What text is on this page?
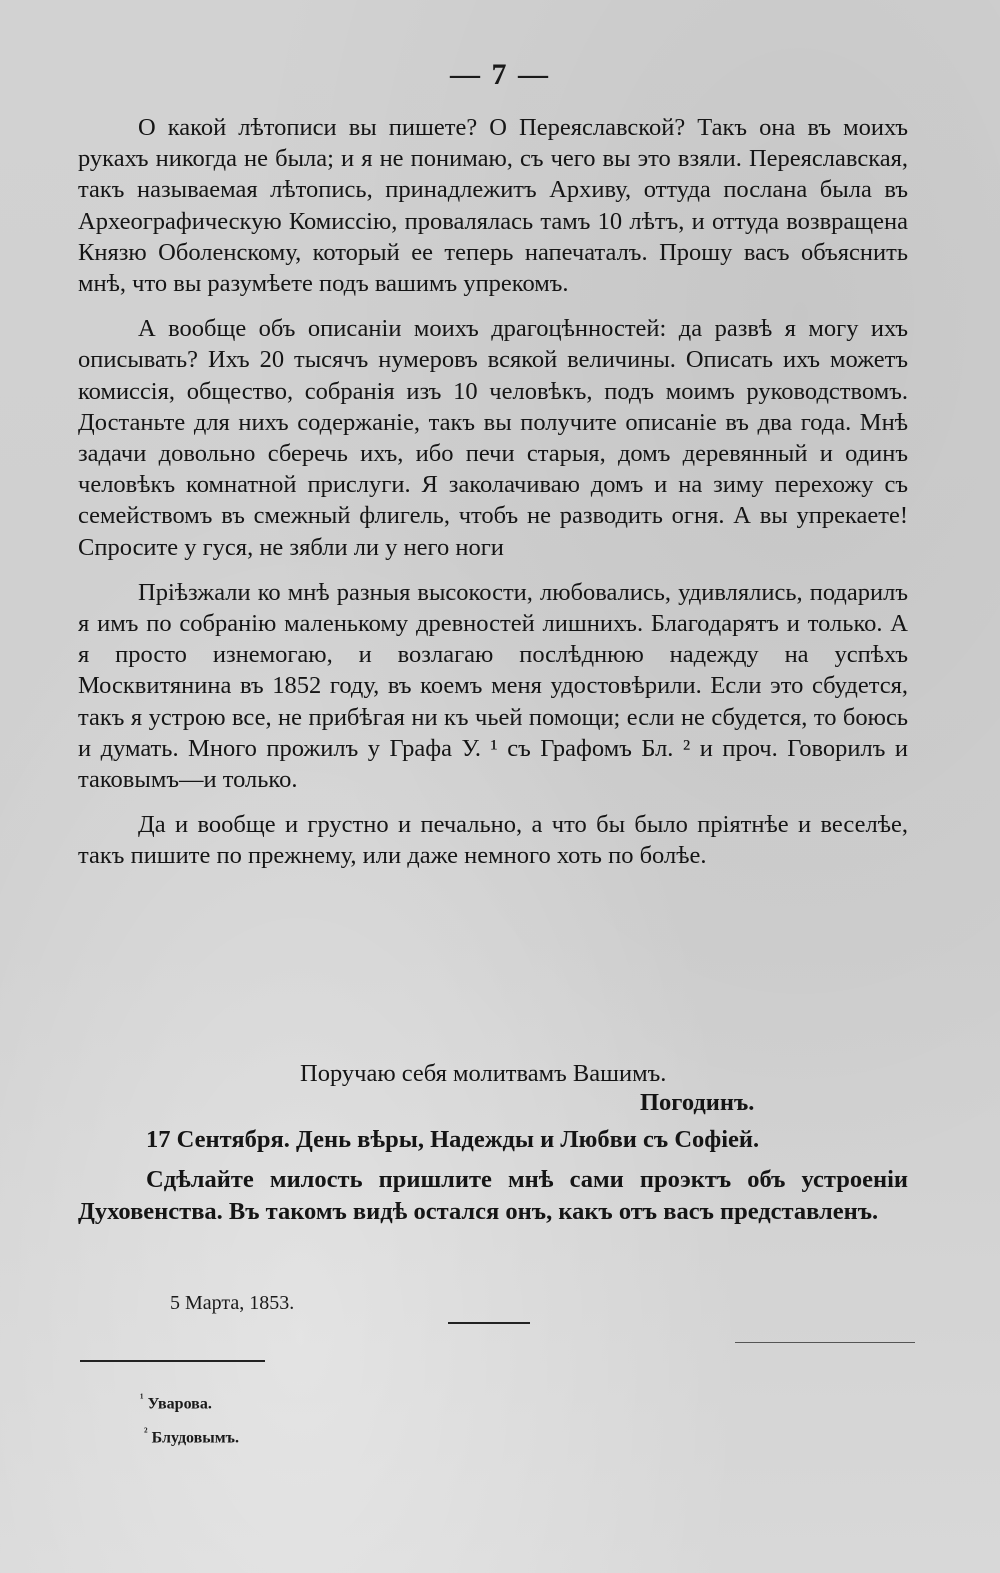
— 7 —

О какой лѣтописи вы пишете? О Переяславской? Такъ она въ моихъ рукахъ никогда не была; и я не понимаю, съ чего вы это взяли. Переяславская, такъ называемая лѣтопись, принадлежитъ Архиву, оттуда послана была въ Археографическую Комиссію, провалялась тамъ 10 лѣтъ, и оттуда возвращена Князю Оболенскому, который ее теперь напечаталъ. Прошу васъ объяснить мнѣ, что вы разумѣете подъ вашимъ упрекомъ.

А вообще объ описаніи моихъ драгоцѣнностей: да развѣ я могу ихъ описывать? Ихъ 20 тысячъ нумеровъ всякой величины. Описать ихъ можетъ комиссія, общество, собранія изъ 10 человѣкъ, подъ моимъ руководствомъ. Достаньте для нихъ содержаніе, такъ вы получите описаніе въ два года. Мнѣ задачи довольно сберечь ихъ, ибо печи старыя, домъ деревянный и одинъ человѣкъ комнатной прислуги. Я заколачиваю домъ и на зиму перехожу съ семействомъ въ смежный флигель, чтобъ не разводить огня. А вы упрекаете! Спросите у гуся, не зябли ли у него ноги

Пріѣзжали ко мнѣ разныя высокости, любовались, удивлялись, подарилъ я имъ по собранію маленькому древностей лишнихъ. Благодарятъ и только. А я просто изнемогаю, и возлагаю послѣднюю надежду на успѣхъ Москвитянина въ 1852 году, въ коемъ меня удостовѣрили. Если это сбудется, такъ я устрою все, не прибѣгая ни къ чьей помощи; если не сбудется, то боюсь и думать. Много прожилъ у Графа У. ¹ съ Графомъ Бл. ² и проч. Говорилъ и таковымъ—и только.

Да и вообще и грустно и печально, а что бы было пріятнѣе и веселѣе, такъ пишите по прежнему, или даже немного хоть по болѣе.

Поручаю себя молитвамъ Вашимъ.
Погодинъ.
17 Сентября. День вѣры, Надежды и Любви съ Софіей.

Сдѣлайте милость пришлите мнѣ сами проэктъ объ устроеніи Духовенства. Въ такомъ видѣ остался онъ, какъ отъ васъ представленъ.

5 Марта, 1853.
$^{^1}$ Уварова.
$^{^2}$ Блудовымъ.
